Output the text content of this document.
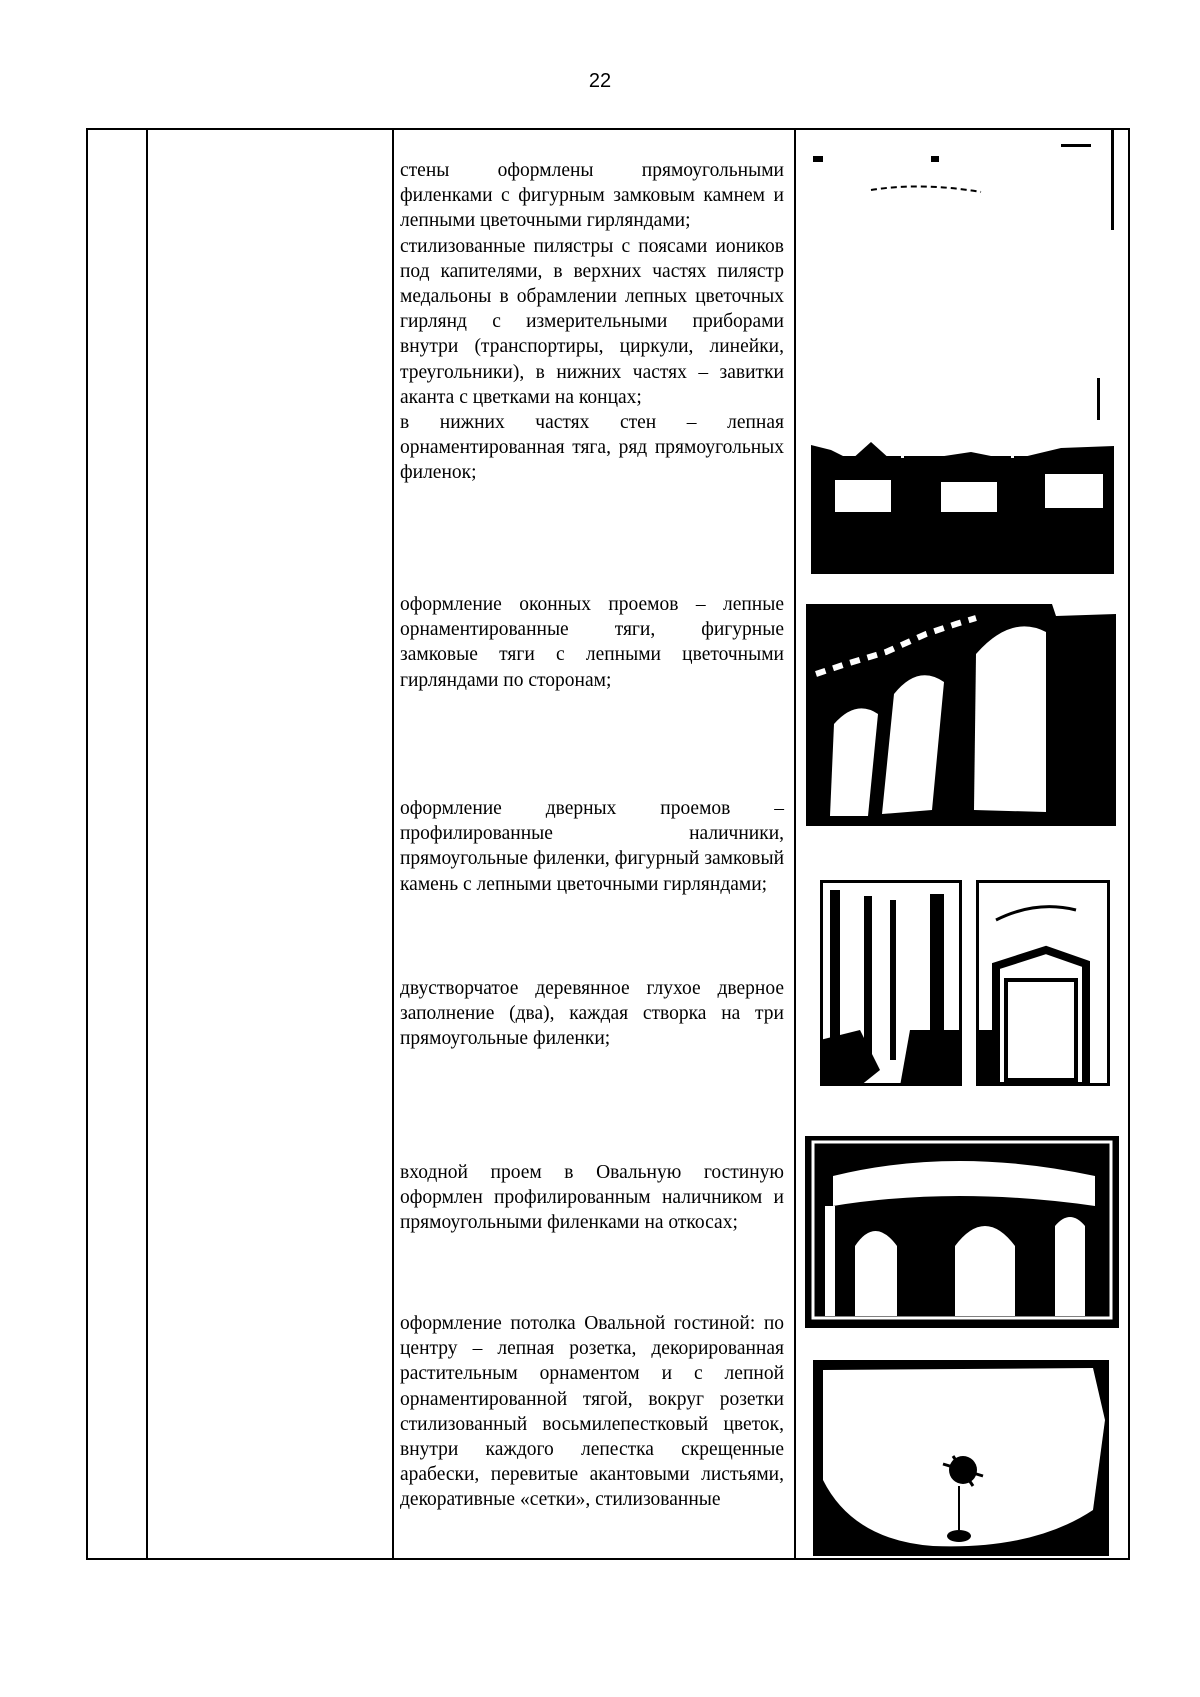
22

стены оформлены прямоугольными филенками с фигурным замковым камнем и лепными цветочными гирляндами;

стилизованные пилястры с поясами иоников под капителями, в верхних частях пилястр медальоны в обрамлении лепных цветочных гирлянд с измерительными приборами внутри (транспортиры, циркули, линейки, треугольники), в нижних частях – завитки аканта с цветками на концах;

в нижних частях стен – лепная орнаментированная тяга, ряд прямоугольных филенок;

оформление оконных проемов – лепные орнаментированные тяги, фигурные замковые тяги с лепными цветочными гирляндами по сторонам;

оформление дверных проемов – профилированные наличники, прямоугольные филенки, фигурный замковый камень с лепными цветочными гирляндами;

двустворчатое деревянное глухое дверное заполнение (два), каждая створка на три прямоугольные филенки;

входной проем в Овальную гостиную оформлен профилированным наличником и прямоугольными филенками на откосах;

оформление потолка Овальной гостиной: по центру – лепная розетка, декорированная растительным орнаментом и с лепной орнаментированной тягой, вокруг розетки стилизованный восьмилепестковый цветок, внутри каждого лепестка скрещенные арабески, перевитые акантовыми листьями, декоративные «сетки», стилизованные
